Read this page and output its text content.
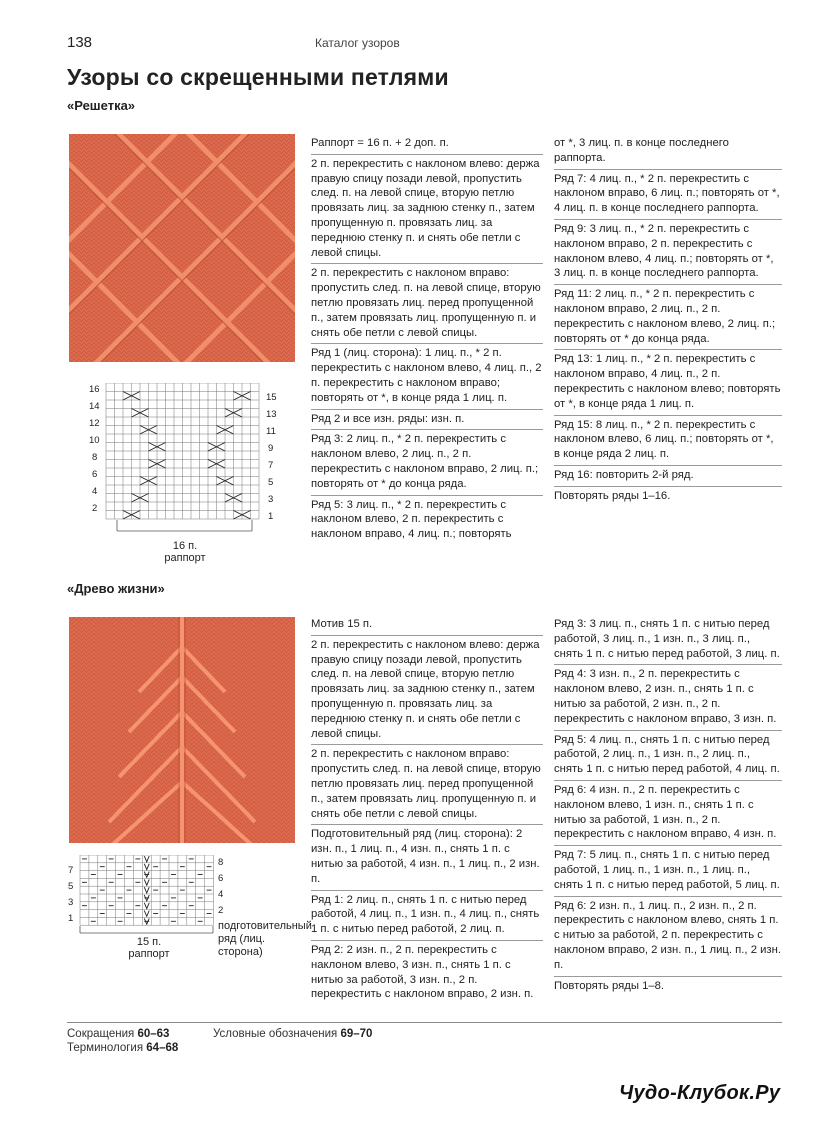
138	Каталог узоров
Узоры со скрещенными петлями
«Решетка»
16
14
12
10
8
6
4
2
15
13
11
9
7
5
3
1
16 п.
раппорт
Раппорт = 16 п. + 2 доп. п.
2 п. перекрестить с наклоном влево: держа правую спицу позади левой, пропустить след. п. на левой спице, вторую петлю провязать лиц. за заднюю стенку п., затем пропущенную п. провязать лиц. за переднюю стенку п. и снять обе петли с левой спицы.
2 п. перекрестить с наклоном вправо: пропустить след. п. на левой спице, вторую петлю провязать лиц. перед пропущенной п., затем провязать лиц. пропущенную п. и снять обе петли с левой спицы.
Ряд 1 (лиц. сторона): 1 лиц. п., * 2 п. перекрестить с наклоном влево, 4 лиц. п., 2 п. перекрестить с наклоном вправо; повторять от *, в конце ряда 1 лиц. п.
Ряд 2 и все изн. ряды: изн. п.
Ряд 3: 2 лиц. п., * 2 п. перекрестить с наклоном влево, 2 лиц. п., 2 п. перекрестить с наклоном вправо, 2 лиц. п.; повторять от * до конца ряда.
Ряд 5: 3 лиц. п., * 2 п. перекрестить с наклоном влево, 2 п. перекрестить с наклоном вправо, 4 лиц. п.; повторять
от *, 3 лиц. п. в конце последнего раппорта.
Ряд 7: 4 лиц. п., * 2 п. перекрестить с наклоном вправо, 6 лиц. п.; повторять от *, 4 лиц. п. в конце последнего раппорта.
Ряд 9: 3 лиц. п., * 2 п. перекрестить с наклоном вправо, 2 п. перекрестить с наклоном влево, 4 лиц. п.; повторять от *, 3 лиц. п. в конце последнего раппорта.
Ряд 11: 2 лиц. п., * 2 п. перекрестить с наклоном вправо, 2 лиц. п., 2 п. перекрестить с наклоном влево, 2 лиц. п.; повторять от * до конца ряда.
Ряд 13: 1 лиц. п., * 2 п. перекрестить с наклоном вправо, 4 лиц. п., 2 п. перекрестить с наклоном влево; повторять от *, в конце ряда 1 лиц. п.
Ряд 15: 8 лиц. п., * 2 п. перекрестить с наклоном влево, 6 лиц. п.; повторять от *, в конце ряда 2 лиц. п.
Ряд 16: повторить 2-й ряд.
Повторять ряды 1–16.
«Древо жизни»
7
5
3
1
8
6
4
2
подготовительный ряд (лиц. сторона)
15 п.
раппорт
Мотив 15 п.
2 п. перекрестить с наклоном влево: держа правую спицу позади левой, пропустить след. п. на левой спице, вторую петлю провязать лиц. за заднюю стенку п., затем пропущенную п. провязать лиц. за переднюю стенку п. и снять обе петли с левой спицы.
2 п. перекрестить с наклоном вправо: пропустить след. п. на левой спице, вторую петлю провязать лиц. перед пропущенной п., затем провязать лиц. пропущенную п. и снять обе петли с левой спицы.
Подготовительный ряд (лиц. сторона): 2 изн. п., 1 лиц. п., 4 изн. п., снять 1 п. с нитью за работой, 4 изн. п., 1 лиц. п., 2 изн. п.
Ряд 1: 2 лиц. п., снять 1 п. с нитью перед работой, 4 лиц. п., 1 изн. п., 4 лиц. п., снять 1 п. с нитью перед работой, 2 лиц. п.
Ряд 2: 2 изн. п., 2 п. перекрестить с наклоном влево, 3 изн. п., снять 1 п. с нитью за работой, 3 изн. п., 2 п. перекрестить с наклоном вправо, 2 изн. п.
Ряд 3: 3 лиц. п., снять 1 п. с нитью перед работой, 3 лиц. п., 1 изн. п., 3 лиц. п., снять 1 п. с нитью перед работой, 3 лиц. п.
Ряд 4: 3 изн. п., 2 п. перекрестить с наклоном влево, 2 изн. п., снять 1 п. с нитью за работой, 2 изн. п., 2 п. перекрестить с наклоном вправо, 3 изн. п.
Ряд 5: 4 лиц. п., снять 1 п. с нитью перед работой, 2 лиц. п., 1 изн. п., 2 лиц. п., снять 1 п. с нитью перед работой, 4 лиц. п.
Ряд 6: 4 изн. п., 2 п. перекрестить с наклоном влево, 1 изн. п., снять 1 п. с нитью за работой, 1 изн. п., 2 п. перекрестить с наклоном вправо, 4 изн. п.
Ряд 7: 5 лиц. п., снять 1 п. с нитью перед работой, 1 лиц. п., 1 изн. п., 1 лиц. п., снять 1 п. с нитью перед работой, 5 лиц. п.
Ряд 6: 2 изн. п., 1 лиц. п., 2 изн. п., 2 п. перекрестить с наклоном влево, снять 1 п. с нитью за работой, 2 п. перекрестить с наклоном вправо, 2 изн. п., 1 лиц. п., 2 изн. п.
Повторять ряды 1–8.
Сокращения 60–63
Терминология 64–68
Условные обозначения 69–70
Чудо-Клубок.Ру
